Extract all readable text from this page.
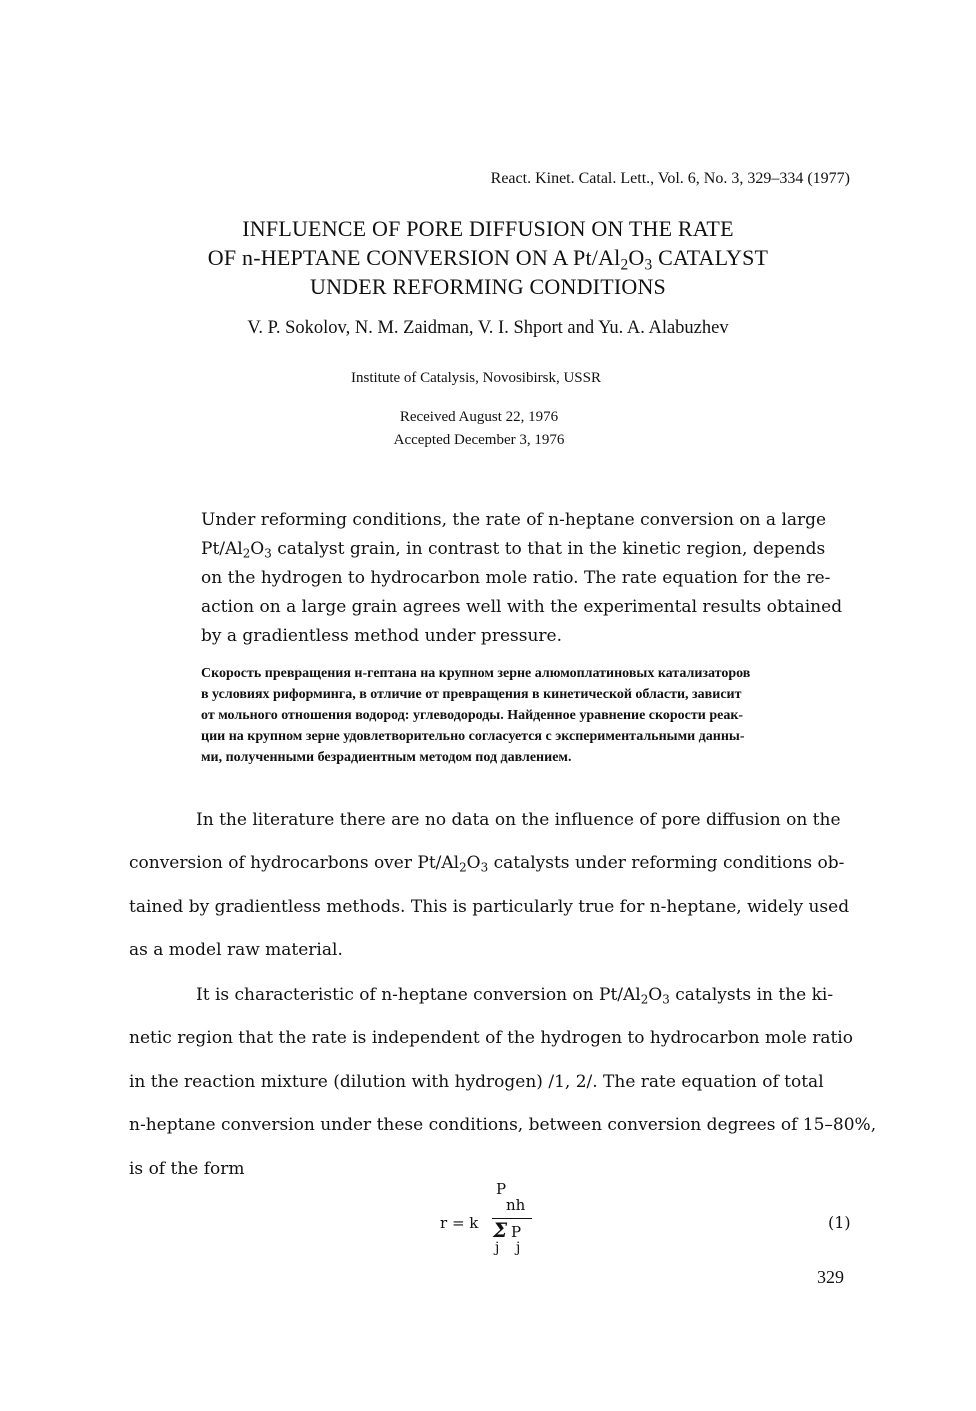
React. Kinet. Catal. Lett., Vol. 6, No. 3, 329–334 (1977)
INFLUENCE OF PORE DIFFUSION ON THE RATE
OF n-HEPTANE CONVERSION ON A $Pt/Al_2O_3$ CATALYST
UNDER REFORMING CONDITIONS
V. P. Sokolov, N. M. Zaidman, V. I. Shport and Yu. A. Alabuzhev
Institute of Catalysis, Novosibirsk, USSR
Received August 22, 1976
Accepted December 3, 1976
Under reforming conditions, the rate of n-heptane conversion on a large
$Pt/Al_2O_3$ catalyst grain, in contrast to that in the kinetic region, depends
on the hydrogen to hydrocarbon mole ratio. The rate equation for the re-
action on a large grain agrees well with the experimental results obtained
by a gradientless method under pressure.
Скорость превращения н-гептана на крупном зерне алюмоплатиновых катализаторов
в условиях риформинга, в отличие от превращения в кинетической области, зависит
от мольного отношения водород: углеводороды. Найденное уравнение скорости реак-
ции на крупном зерне удовлетворительно согласуется с экспериментальными данны-
ми, полученными безрадиентным методом под давлением.
In the literature there are no data on the influence of pore diffusion on the
conversion of hydrocarbons over $Pt/Al_2O_3$ catalysts under reforming conditions ob-
tained by gradientless methods. This is particularly true for n-heptane, widely used
as a model raw material.
It is characteristic of n-heptane conversion on $Pt/Al_2O_3$ catalysts in the ki-
netic region that the rate is independent of the hydrogen to hydrocarbon mole ratio
in the reaction mixture (dilution with hydrogen) /1, 2/. The rate equation of total
n-heptane conversion under these conditions, between conversion degrees of 15–80%,
is of the form
r = k
P
nh
Σ P
j j
(1)
329
